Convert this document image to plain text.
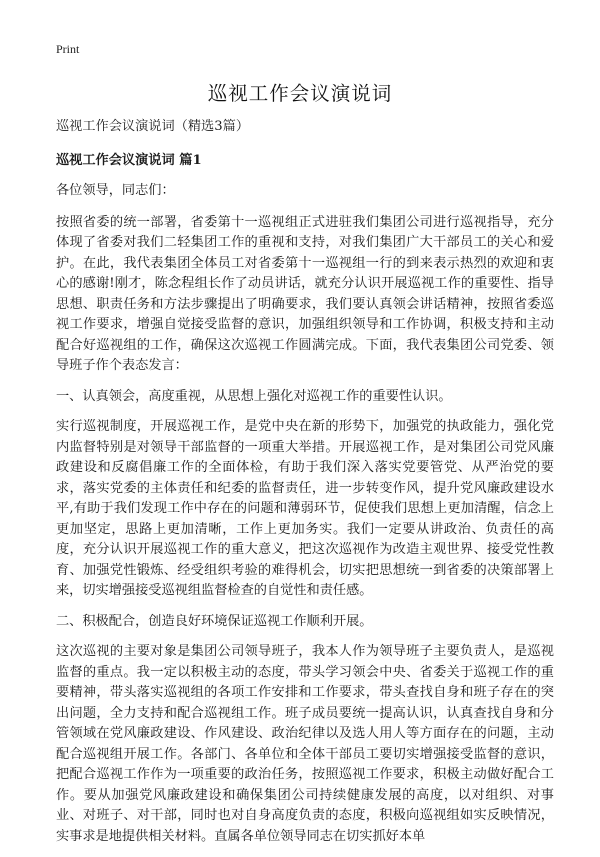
Print
巡视工作会议演说词
巡视工作会议演说词（精选3篇）
巡视工作会议演说词 篇1
各位领导，同志们：

按照省委的统一部署，省委第十一巡视组正式进驻我们集团公司进行巡视指导，充分体现了省委对我们二轻集团工作的重视和支持，对我们集团广大干部员工的关心和爱护。在此，我代表集团全体员工对省委第十一巡视组一行的到来表示热烈的欢迎和衷心的感谢!刚才，陈念程组长作了动员讲话，就充分认识开展巡视工作的重要性、指导思想、职责任务和方法步骤提出了明确要求，我们要认真领会讲话精神，按照省委巡视工作要求，增强自觉接受监督的意识，加强组织领导和工作协调，积极支持和主动配合好巡视组的工作，确保这次巡视工作圆满完成。下面，我代表集团公司党委、领导班子作个表态发言：

一、认真领会，高度重视，从思想上强化对巡视工作的重要性认识。

实行巡视制度，开展巡视工作，是党中央在新的形势下，加强党的执政能力，强化党内监督特别是对领导干部监督的一项重大举措。开展巡视工作，是对集团公司党风廉政建设和反腐倡廉工作的全面体检，有助于我们深入落实党要管党、从严治党的要求，落实党委的主体责任和纪委的监督责任，进一步转变作风，提升党风廉政建设水平,有助于我们发现工作中存在的问题和薄弱环节，促使我们思想上更加清醒，信念上更加坚定，思路上更加清晰，工作上更加务实。我们一定要从讲政治、负责任的高度，充分认识开展巡视工作的重大意义，把这次巡视作为改造主观世界、接受党性教育、加强党性锻炼、经受组织考验的难得机会，切实把思想统一到省委的决策部署上来，切实增强接受巡视组监督检查的自觉性和责任感。

二、积极配合，创造良好环境保证巡视工作顺利开展。

这次巡视的主要对象是集团公司领导班子，我本人作为领导班子主要负责人，是巡视监督的重点。我一定以积极主动的态度，带头学习领会中央、省委关于巡视工作的重要精神，带头落实巡视组的各项工作安排和工作要求，带头查找自身和班子存在的突出问题，全力支持和配合巡视组工作。班子成员要统一提高认识，认真查找自身和分管领域在党风廉政建设、作风建设、政治纪律以及选人用人等方面存在的问题，主动配合巡视组开展工作。各部门、各单位和全体干部员工要切实增强接受监督的意识，把配合巡视工作作为一项重要的政治任务，按照巡视工作要求，积极主动做好配合工作。要从加强党风廉政建设和确保集团公司持续健康发展的高度，以对组织、对事业、对班子、对干部，同时也对自身高度负责的态度，积极向巡视组如实反映情况，实事求是地提供相关材料。直属各单位领导同志在切实抓好本单
